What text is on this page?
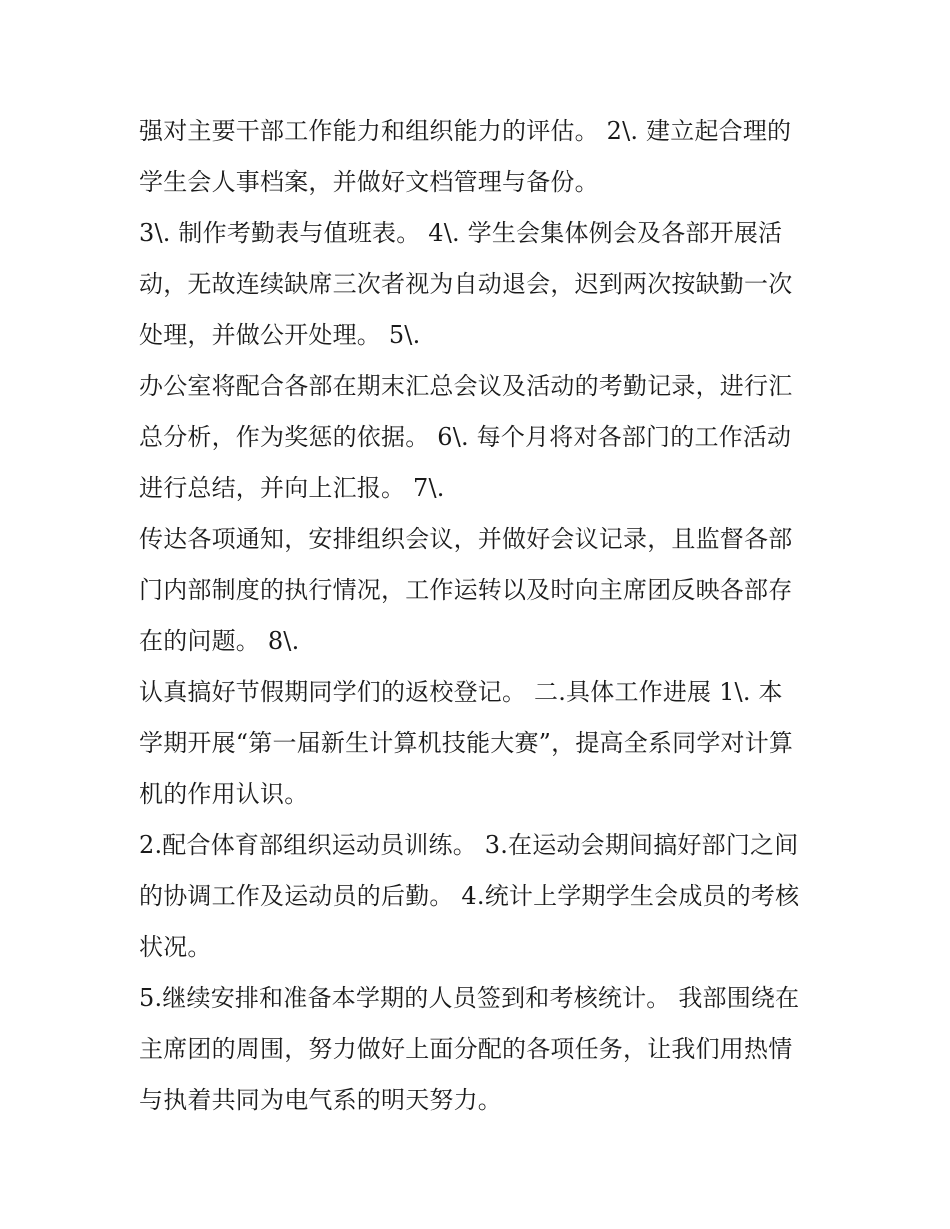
强对主要干部工作能力和组织能力的评估。 2\. 建立起合理的
学生会人事档案，并做好文档管理与备份。
3\. 制作考勤表与值班表。 4\. 学生会集体例会及各部开展活
动，无故连续缺席三次者视为自动退会，迟到两次按缺勤一次
处理，并做公开处理。 5\.
办公室将配合各部在期末汇总会议及活动的考勤记录，进行汇
总分析，作为奖惩的依据。 6\. 每个月将对各部门的工作活动
进行总结，并向上汇报。 7\.
传达各项通知，安排组织会议，并做好会议记录，且监督各部
门内部制度的执行情况，工作运转以及时向主席团反映各部存
在的问题。 8\.
认真搞好节假期同学们的返校登记。 二.具体工作进展 1\. 本
学期开展“第一届新生计算机技能大赛”，提高全系同学对计算
机的作用认识。
2.配合体育部组织运动员训练。 3.在运动会期间搞好部门之间
的协调工作及运动员的后勤。 4.统计上学期学生会成员的考核
状况。
5.继续安排和准备本学期的人员签到和考核统计。 我部围绕在
主席团的周围，努力做好上面分配的各项任务，让我们用热情
与执着共同为电气系的明天努力。
